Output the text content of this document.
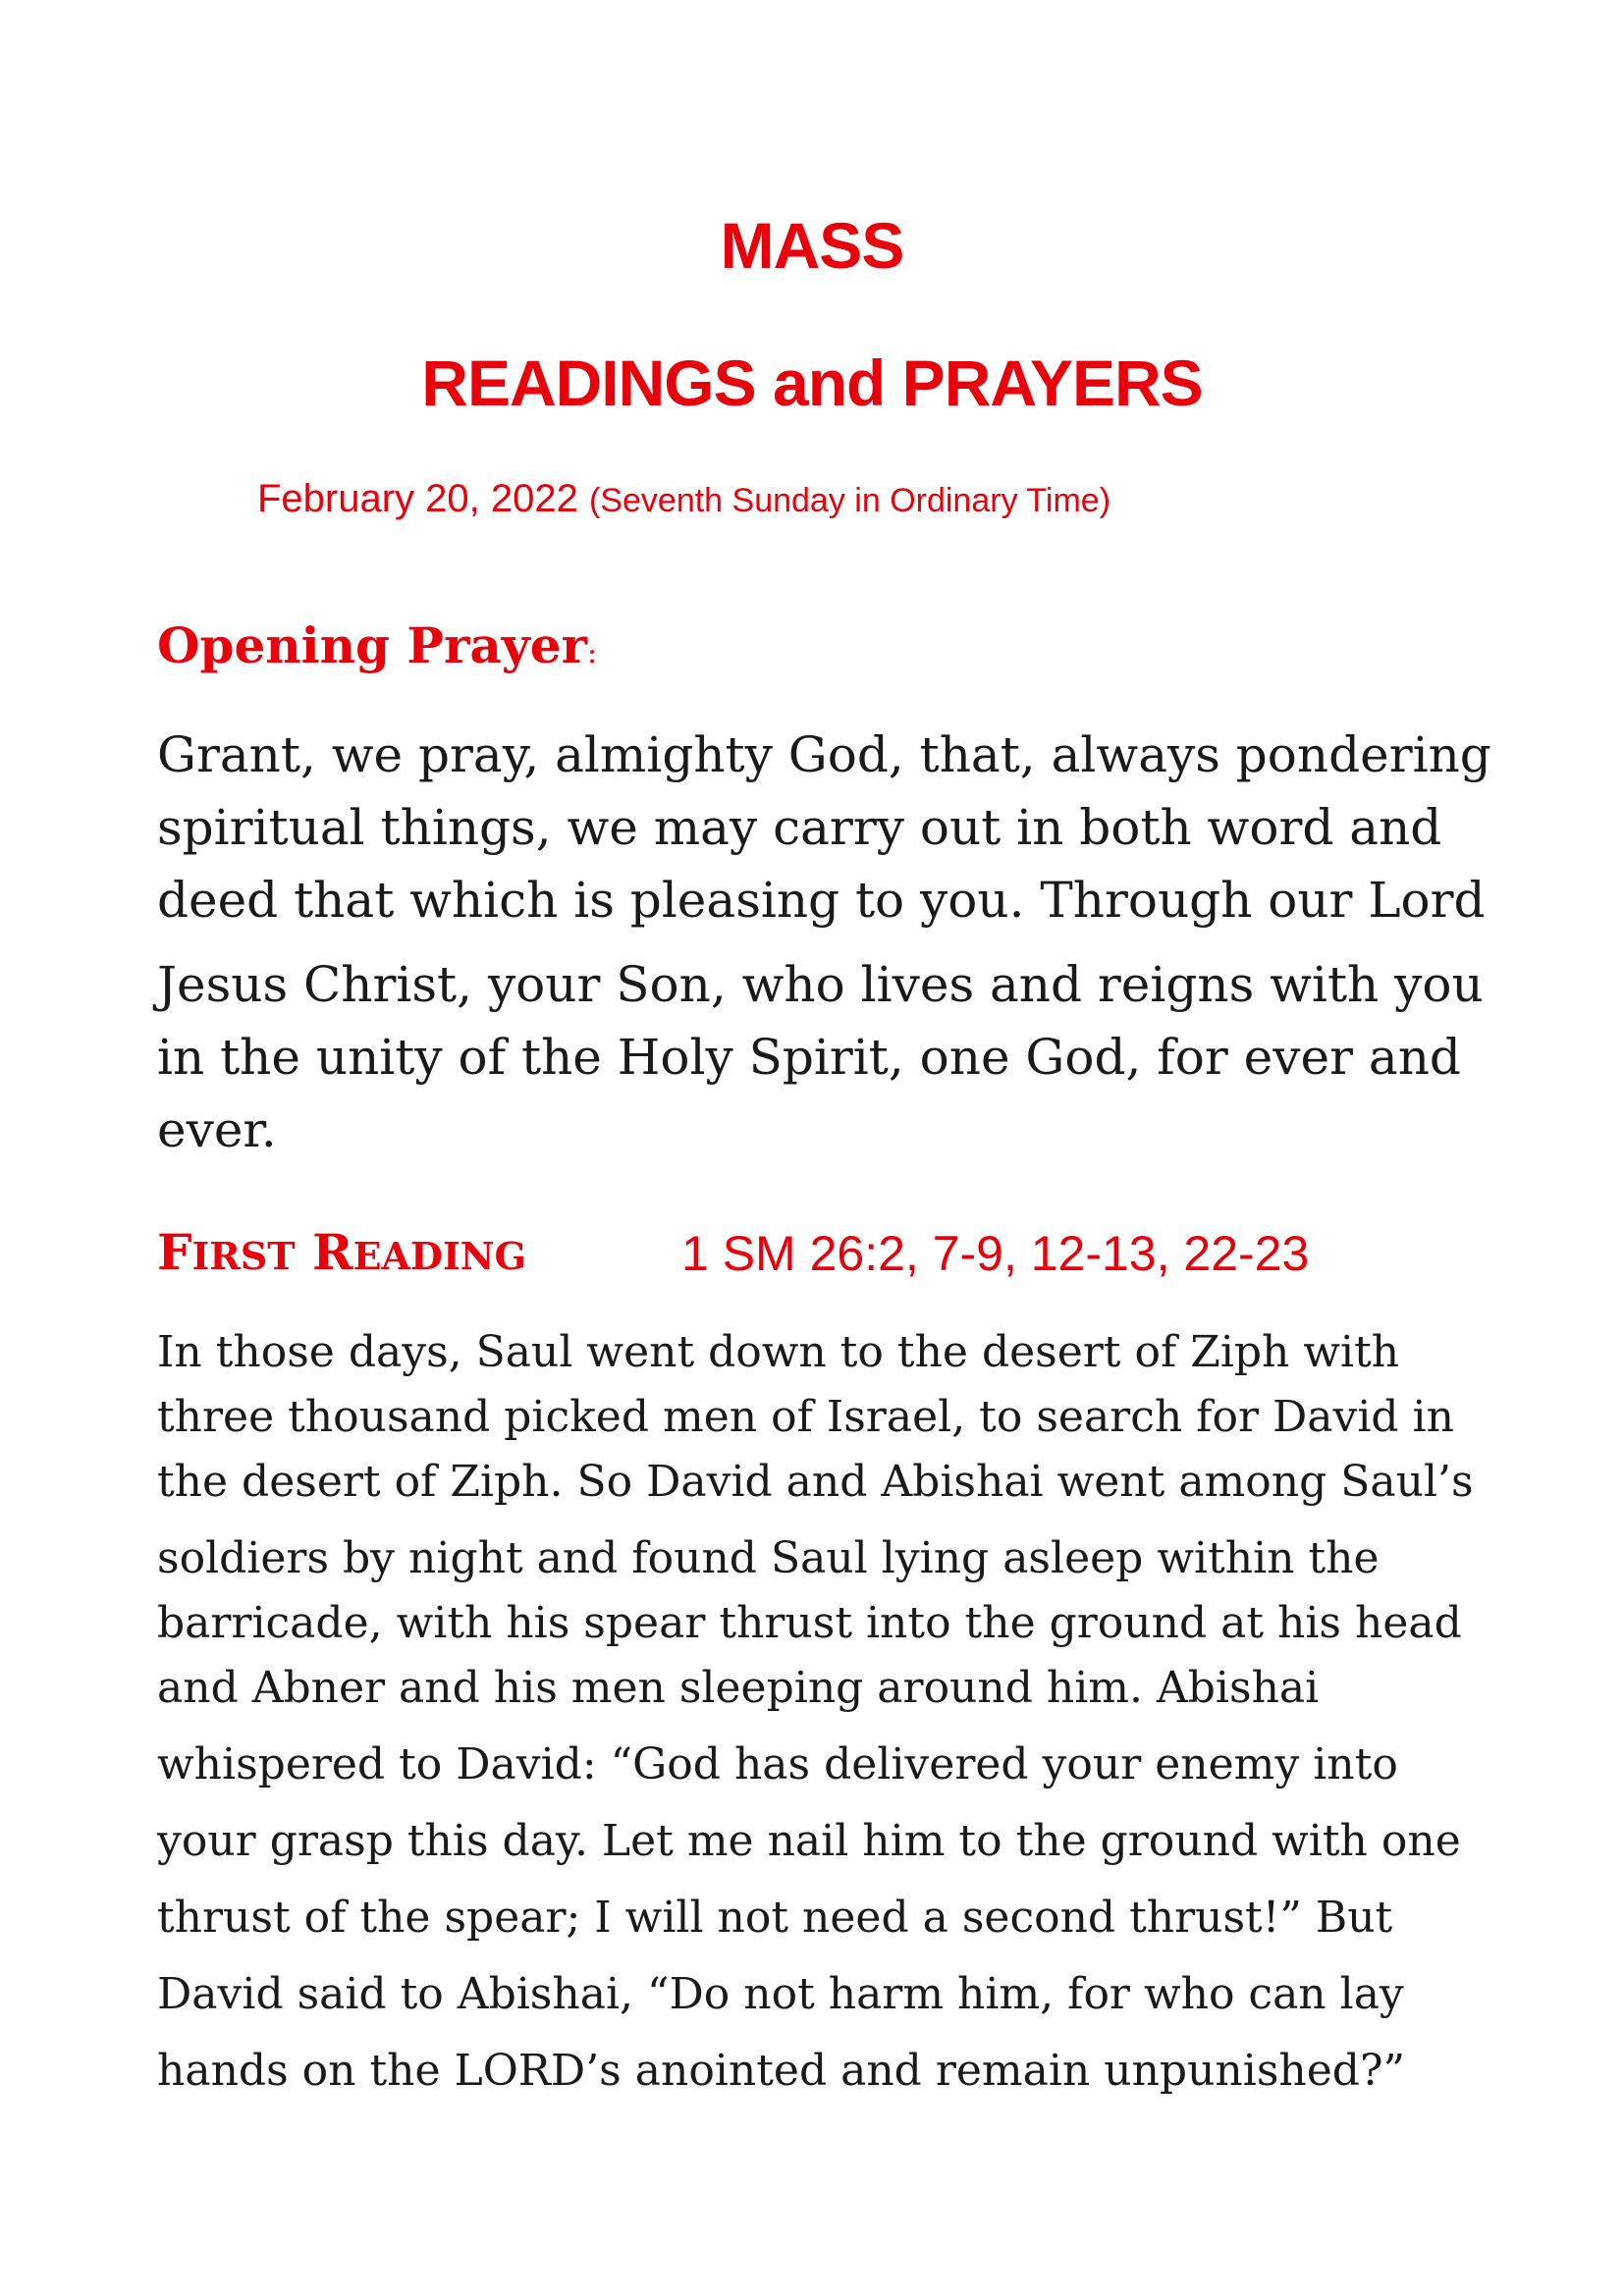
MASS
READINGS and PRAYERS
February 20, 2022 (Seventh Sunday in Ordinary Time)
Opening Prayer:
Grant, we pray, almighty God, that, always pondering
spiritual things, we may carry out in both word and
deed that which is pleasing to you. Through our Lord
Jesus Christ, your Son, who lives and reigns with you
in the unity of the Holy Spirit, one God, for ever and
ever.
FIRST READING	1 SM 26:2, 7-9, 12-13, 22-23
In those days, Saul went down to the desert of Ziph with
three thousand picked men of Israel, to search for David in
the desert of Ziph. So David and Abishai went among Saul’s
soldiers by night and found Saul lying asleep within the
barricade, with his spear thrust into the ground at his head
and Abner and his men sleeping around him. Abishai
whispered to David: “God has delivered your enemy into
your grasp this day. Let me nail him to the ground with one
thrust of the spear; I will not need a second thrust!” But
David said to Abishai, “Do not harm him, for who can lay
hands on the LORD’s anointed and remain unpunished?”
